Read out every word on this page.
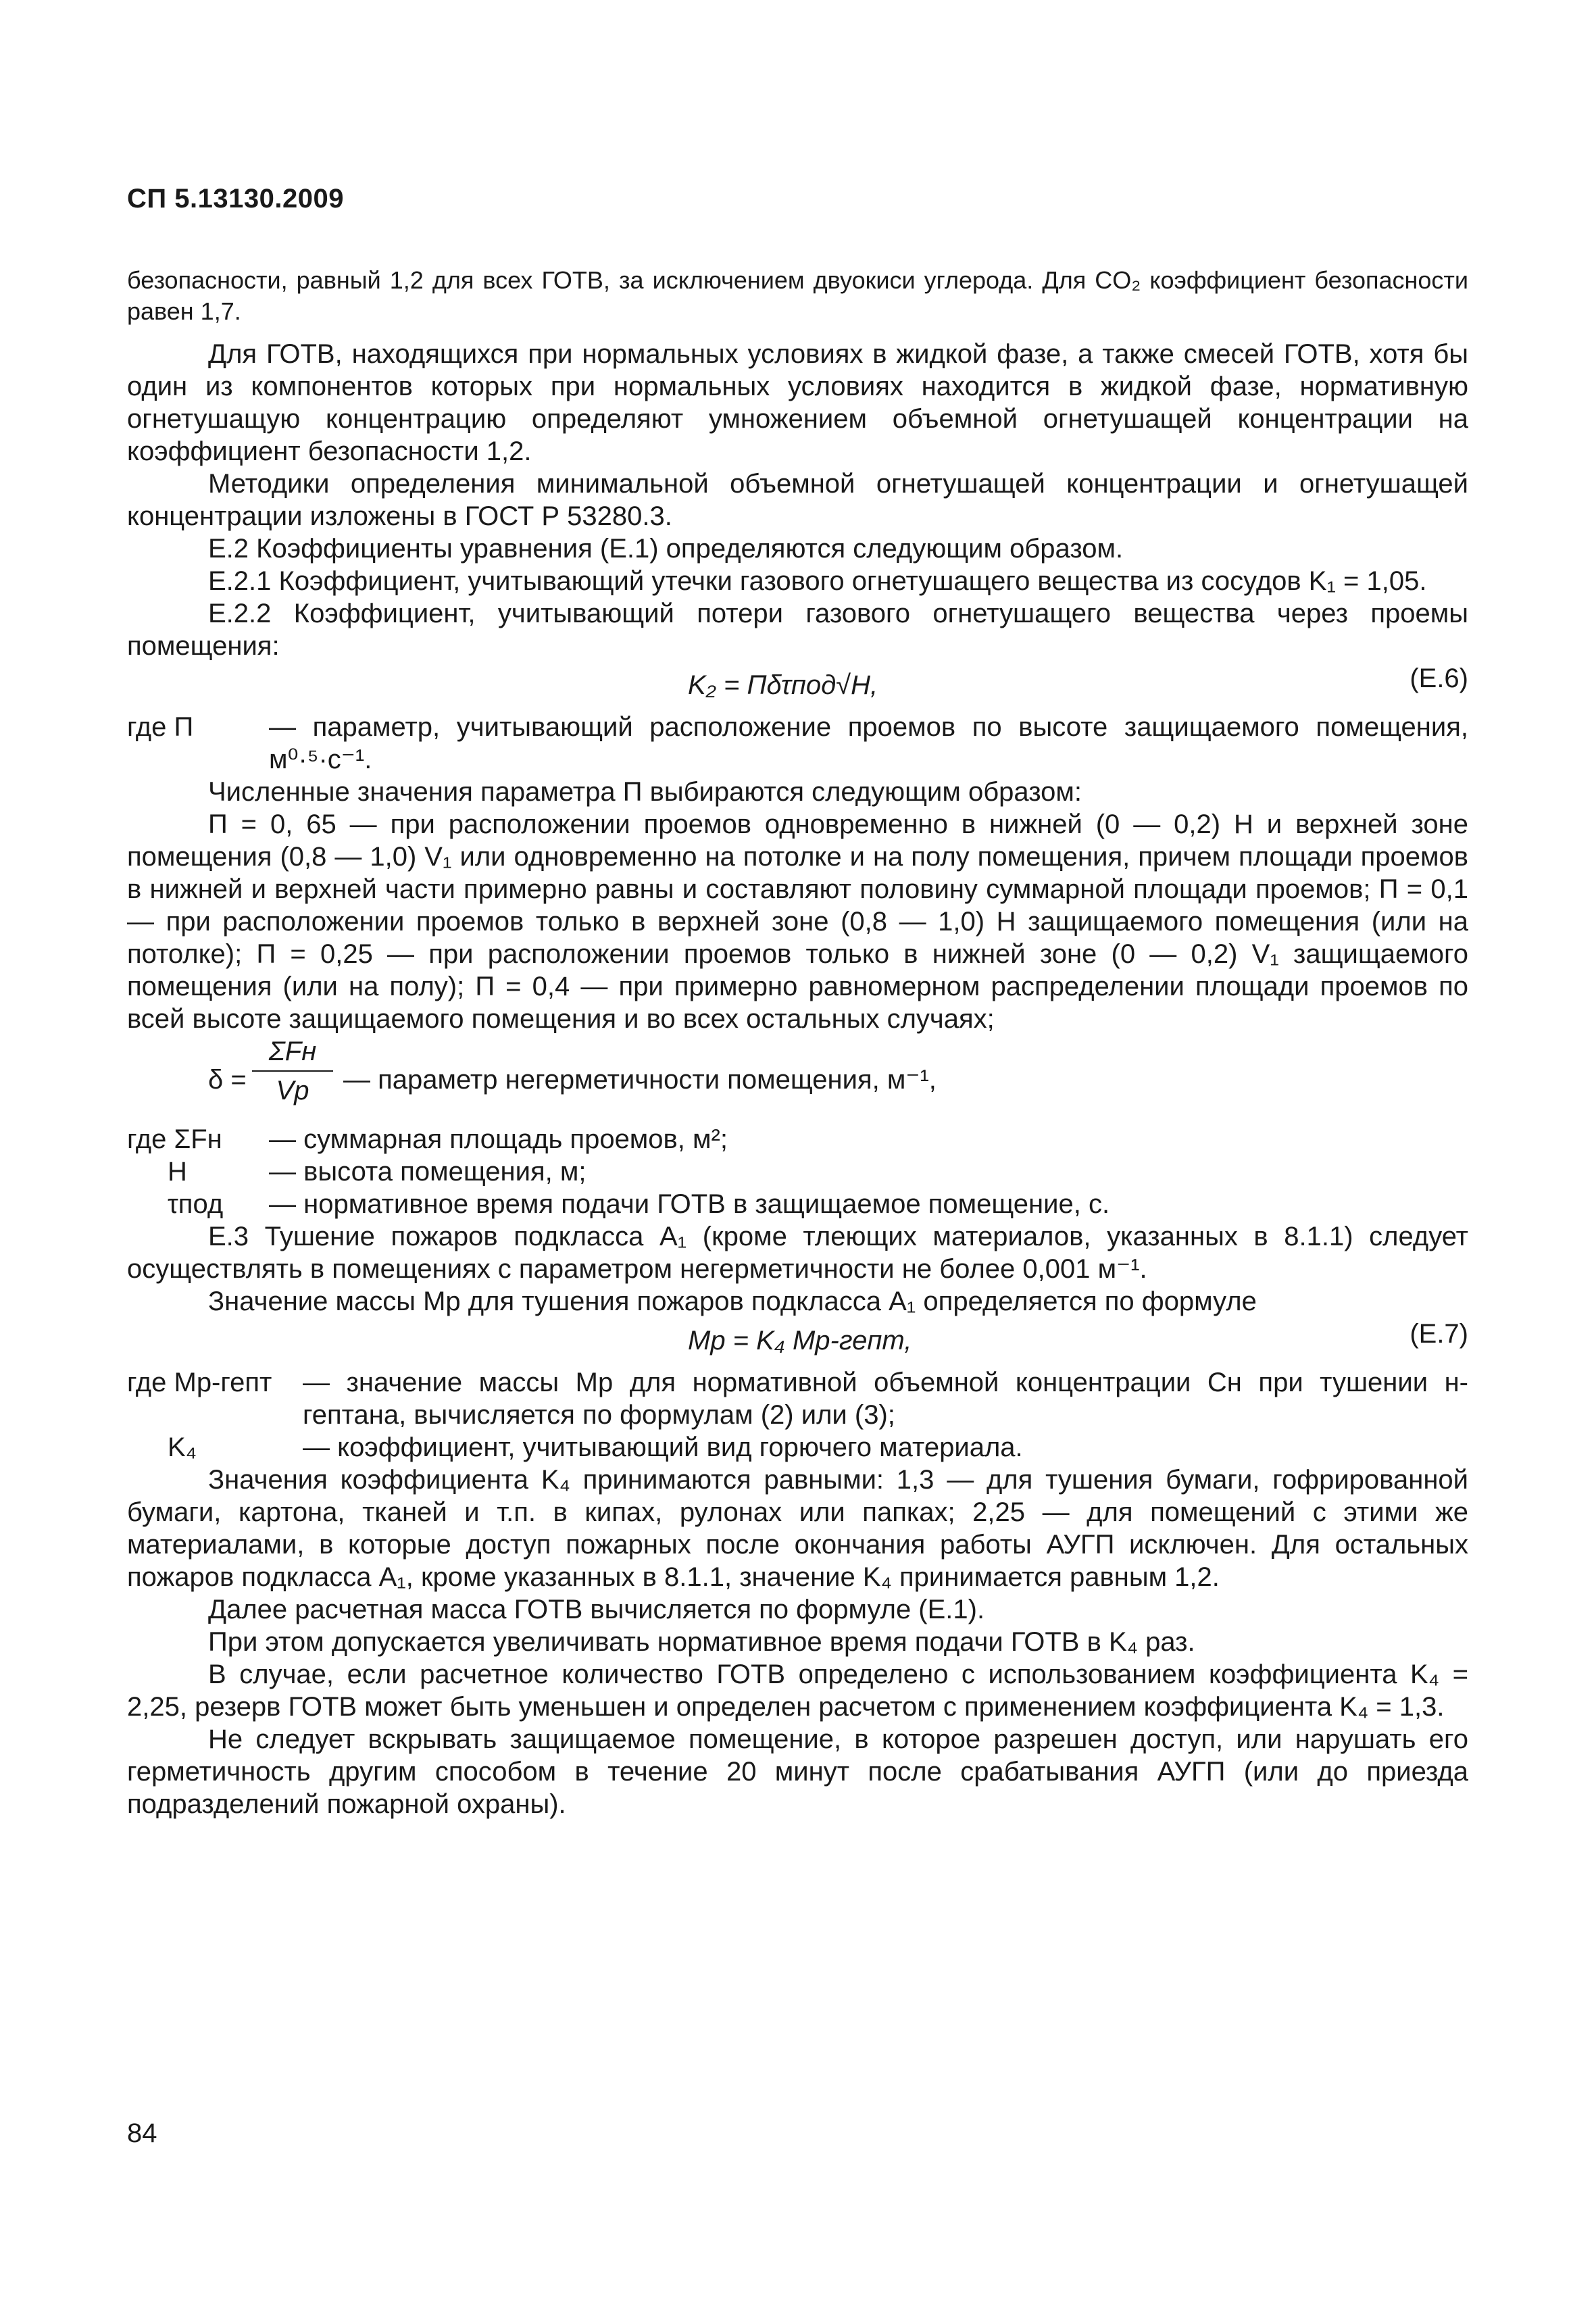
СП 5.13130.2009

безопасности, равный 1,2 для всех ГОТВ, за исключением двуокиси углерода. Для CO₂ коэффициент безопасности равен 1,7.

Для ГОТВ, находящихся при нормальных условиях в жидкой фазе, а также смесей ГОТВ, хотя бы один из компонентов которых при нормальных условиях находится в жидкой фазе, нормативную огнетушащую концентрацию определяют умножением объемной огнетушащей концентрации на коэффициент безопасности 1,2.

Методики определения минимальной объемной огнетушащей концентрации и огнетушащей концентрации изложены в ГОСТ Р 53280.3.

Е.2 Коэффициенты уравнения (Е.1) определяются следующим образом.

Е.2.1 Коэффициент, учитывающий утечки газового огнетушащего вещества из сосудов K₁ = 1,05.

Е.2.2 Коэффициент, учитывающий потери газового огнетушащего вещества через проемы помещения:

K₂ = Пδτпод√H,	(Е.6)
где П	— параметр, учитывающий расположение проемов по высоте защищаемого помещения, м⁰·⁵·с⁻¹.

Численные значения параметра П выбираются следующим образом:

П = 0, 65 — при расположении проемов одновременно в нижней (0 — 0,2) H и верхней зоне помещения (0,8 — 1,0) V₁ или одновременно на потолке и на полу помещения, причем площади проемов в нижней и верхней части примерно равны и составляют половину суммарной площади проемов; П = 0,1 — при расположении проемов только в верхней зоне (0,8 — 1,0) H защищаемого помещения (или на потолке); П = 0,25 — при расположении проемов только в нижней зоне (0 — 0,2) V₁ защищаемого помещения (или на полу); П = 0,4 — при примерно равномерном распределении площади проемов по всей высоте защищаемого помещения и во всех остальных случаях;

δ =
ΣFн
Vр	— параметр негерметичности помещения, м⁻¹,
где ΣFн	— суммарная площадь проемов, м²;
H	— высота помещения, м;
τпод	— нормативное время подачи ГОТВ в защищаемое помещение, с.

Е.3 Тушение пожаров подкласса А₁ (кроме тлеющих материалов, указанных в 8.1.1) следует осуществлять в помещениях с параметром негерметичности не более 0,001 м⁻¹.

Значение массы Mр для тушения пожаров подкласса А₁ определяется по формуле

Mр = K₄ Mр-гепт,	(Е.7)
где Mр-гепт	— значение массы Mр для нормативной объемной концентрации Cн при тушении н-гептана, вычисляется по формулам (2) или (3);
K₄	— коэффициент, учитывающий вид горючего материала.

Значения коэффициента K₄ принимаются равными: 1,3 — для тушения бумаги, гофрированной бумаги, картона, тканей и т.п. в кипах, рулонах или папках; 2,25 — для помещений с этими же материалами, в которые доступ пожарных после окончания работы АУГП исключен. Для остальных пожаров подкласса А₁, кроме указанных в 8.1.1, значение K₄ принимается равным 1,2.

Далее расчетная масса ГОТВ вычисляется по формуле (Е.1).

При этом допускается увеличивать нормативное время подачи ГОТВ в K₄ раз.

В случае, если расчетное количество ГОТВ определено с использованием коэффициента K₄ = 2,25, резерв ГОТВ может быть уменьшен и определен расчетом с применением коэффициента K₄ = 1,3.

Не следует вскрывать защищаемое помещение, в которое разрешен доступ, или нарушать его герметичность другим способом в течение 20 минут после срабатывания АУГП (или до приезда подразделений пожарной охраны).

84
